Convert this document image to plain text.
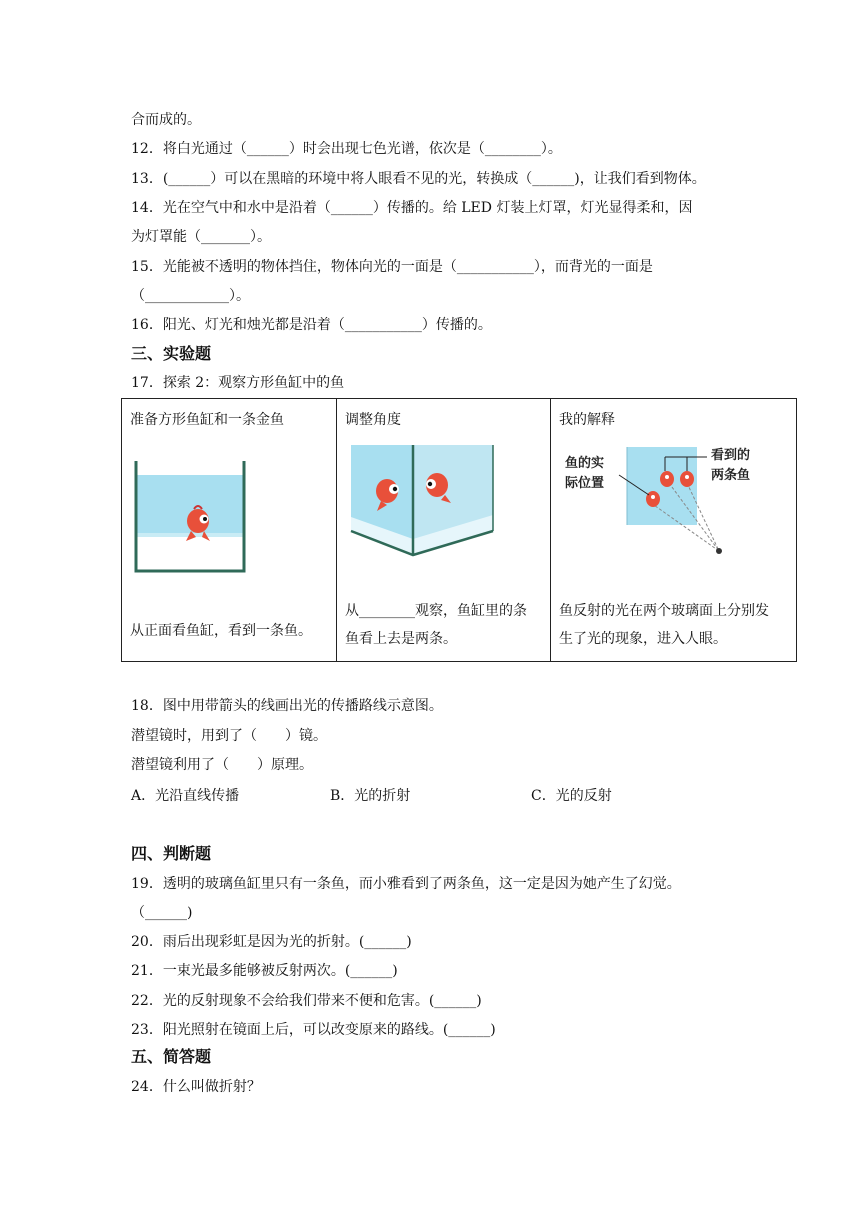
合而成的。
12．将白光通过（______）时会出现七色光谱，依次是（________）。
13．(______）可以在黑暗的环境中将人眼看不见的光，转换成（______)，让我们看到物体。
14．光在空气中和水中是沿着（______）传播的。给 LED 灯装上灯罩，灯光显得柔和，因
为灯罩能（_______）。
15．光能被不透明的物体挡住，物体向光的一面是（___________），而背光的一面是
（____________）。
16．阳光、灯光和烛光都是沿着（___________）传播的。
三、实验题
17．探索 2：观察方形鱼缸中的鱼
准备方形鱼缸和一条金鱼
从正面看鱼缸，看到一条鱼。

调整角度
从________观察，鱼缸里的条
鱼看上去是两条。

我的解释
鱼的实
际位置
看到的
两条鱼
鱼反射的光在两个玻璃面上分别发
生了光的现象，进入人眼。
18．图中用带箭头的线画出光的传播路线示意图。
潜望镜时，用到了（　　）镜。
潜望镜利用了（　　）原理。
A．光沿直线传播	B．光的折射	C．光的反射
四、判断题
19．透明的玻璃鱼缸里只有一条鱼，而小雅看到了两条鱼，这一定是因为她产生了幻觉。
（______)
20．雨后出现彩虹是因为光的折射。(______)
21．一束光最多能够被反射两次。(______)
22．光的反射现象不会给我们带来不便和危害。(______)
23．阳光照射在镜面上后，可以改变原来的路线。(______)
五、简答题
24．什么叫做折射？
